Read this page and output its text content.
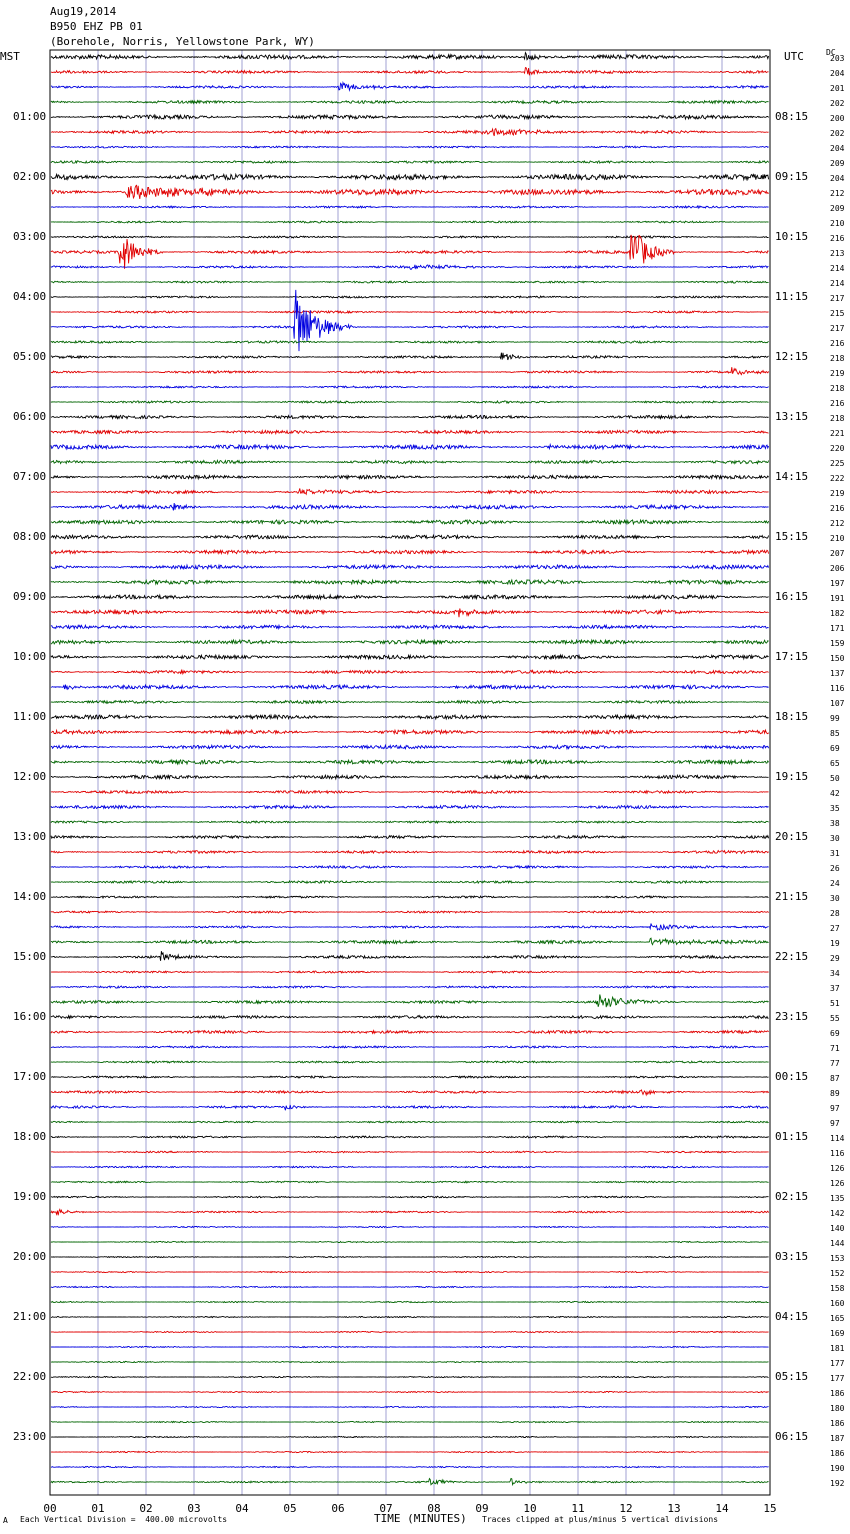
Aug19,2014
B950 EHZ PB 01
(Borehole, Norris, Yellowstone Park, WY)
MST	UTC	DC
01:00
02:00
03:00
04:00
05:00
06:00
07:00
08:00
09:00
10:00
11:00
12:00
13:00
14:00
15:00
16:00
17:00
18:00
19:00
20:00
21:00
22:00
23:00
08:15
09:15
10:15
11:15
12:15
13:15
14:15
15:15
16:15
17:15
18:15
19:15
20:15
21:15
22:15
23:15
00:15
01:15
02:15
03:15
04:15
05:15
06:15
203
204
201
202
200
202
204
209
204
212
209
210
216
213
214
214
217
215
217
216
218
219
218
216
218
221
220
225
222
219
216
212
210
207
206
197
191
182
171
159
150
137
116
107
99
85
69
65
50
42
35
38
30
31
26
24
30
28
27
19
29
34
37
51
55
69
71
77
87
89
97
97
114
116
126
126
135
142
140
144
153
152
158
160
165
169
181
177
177
186
180
186
187
186
190
192
00	01	02	03	04	05	06	07	08	09	10	11	12	13	14	15
A Each Vertical Division =  400.00 microvolts	TIME (MINUTES) Traces clipped at plus/minus 5 vertical divisions
